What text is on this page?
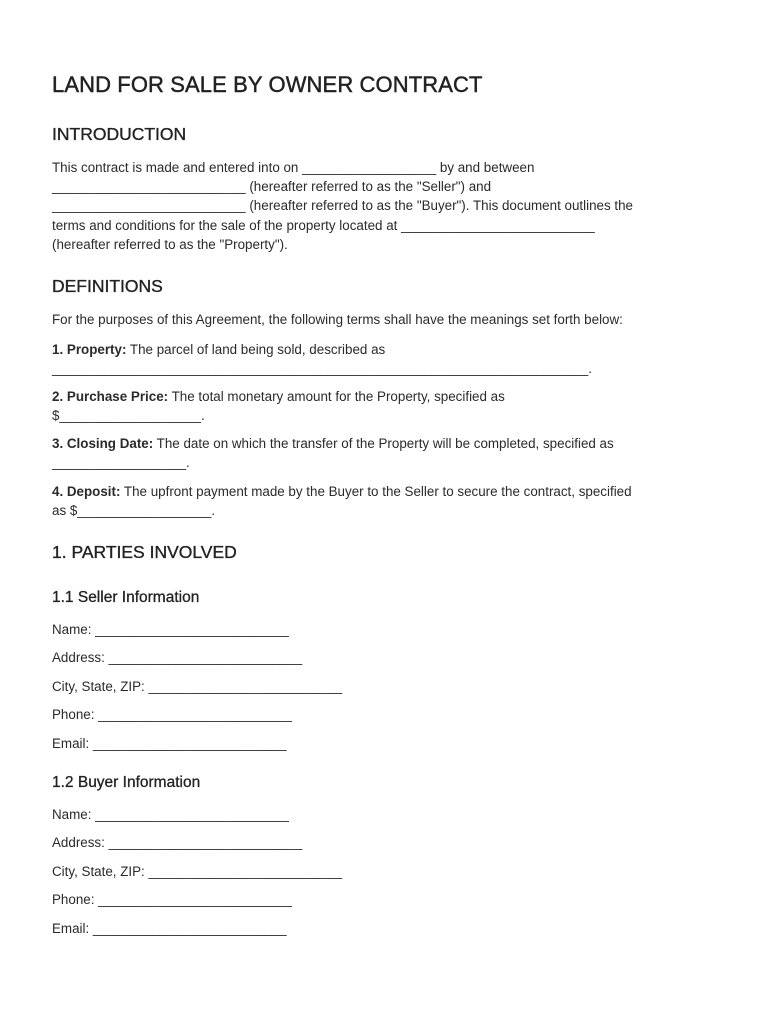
LAND FOR SALE BY OWNER CONTRACT
INTRODUCTION

This contract is made and entered into on __________________ by and between

__________________________ (hereafter referred to as the "Seller") and

__________________________ (hereafter referred to as the "Buyer"). This document outlines the

terms and conditions for the sale of the property located at __________________________

(hereafter referred to as the "Property").

DEFINITIONS
For the purposes of this Agreement, the following terms shall have the meanings set forth below:

1. Property: The parcel of land being sold, described as

________________________________________________________________________.

2. Purchase Price: The total monetary amount for the Property, specified as

$___________________.

3. Closing Date: The date on which the transfer of the Property will be completed, specified as

__________________.

4. Deposit: The upfront payment made by the Buyer to the Seller to secure the contract, specified

as $__________________.

1. PARTIES INVOLVED
1.1 Seller Information
Name: __________________________
Address: __________________________
City, State, ZIP: __________________________
Phone: __________________________
Email: __________________________
1.2 Buyer Information
Name: __________________________
Address: __________________________
City, State, ZIP: __________________________
Phone: __________________________
Email: __________________________
